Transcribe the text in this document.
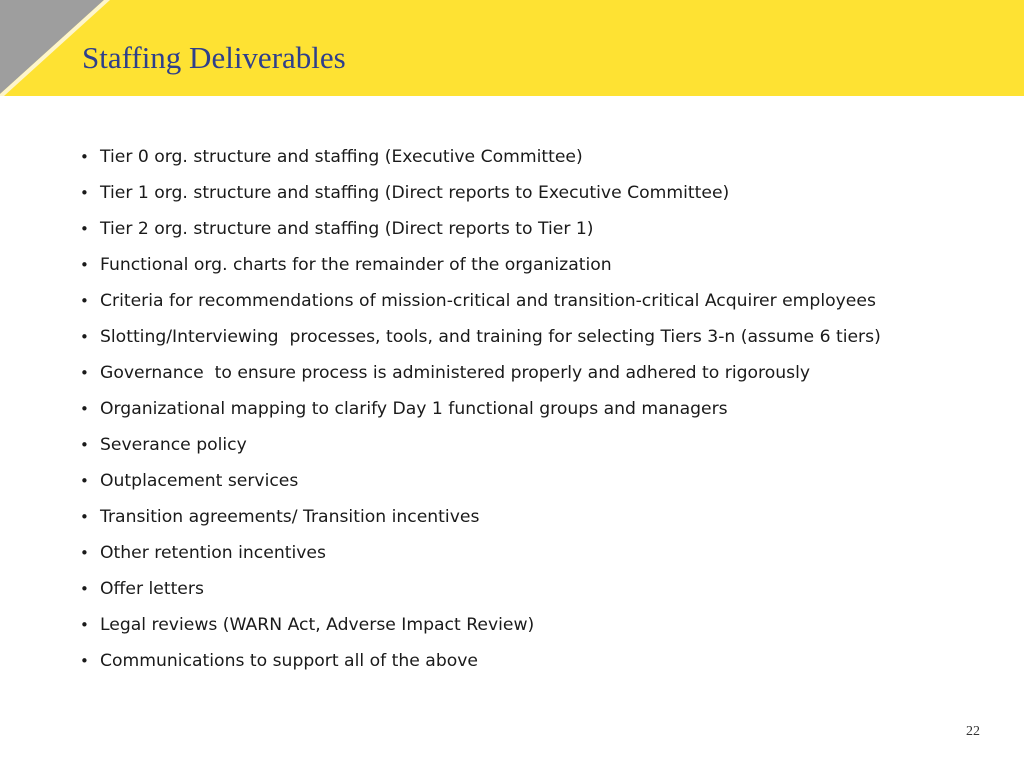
Staffing Deliverables
• Tier 0 org. structure and staffing (Executive Committee)
• Tier 1 org. structure and staffing (Direct reports to Executive Committee)
• Tier 2 org. structure and staffing (Direct reports to Tier 1)
• Functional org. charts for the remainder of the organization
• Criteria for recommendations of mission-critical and transition-critical Acquirer employees
• Slotting/Interviewing  processes, tools, and training for selecting Tiers 3-n (assume 6 tiers)
• Governance  to ensure process is administered properly and adhered to rigorously
• Organizational mapping to clarify Day 1 functional groups and managers
• Severance policy
• Outplacement services
• Transition agreements/ Transition incentives
• Other retention incentives
• Offer letters
• Legal reviews (WARN Act, Adverse Impact Review)
• Communications to support all of the above
22
